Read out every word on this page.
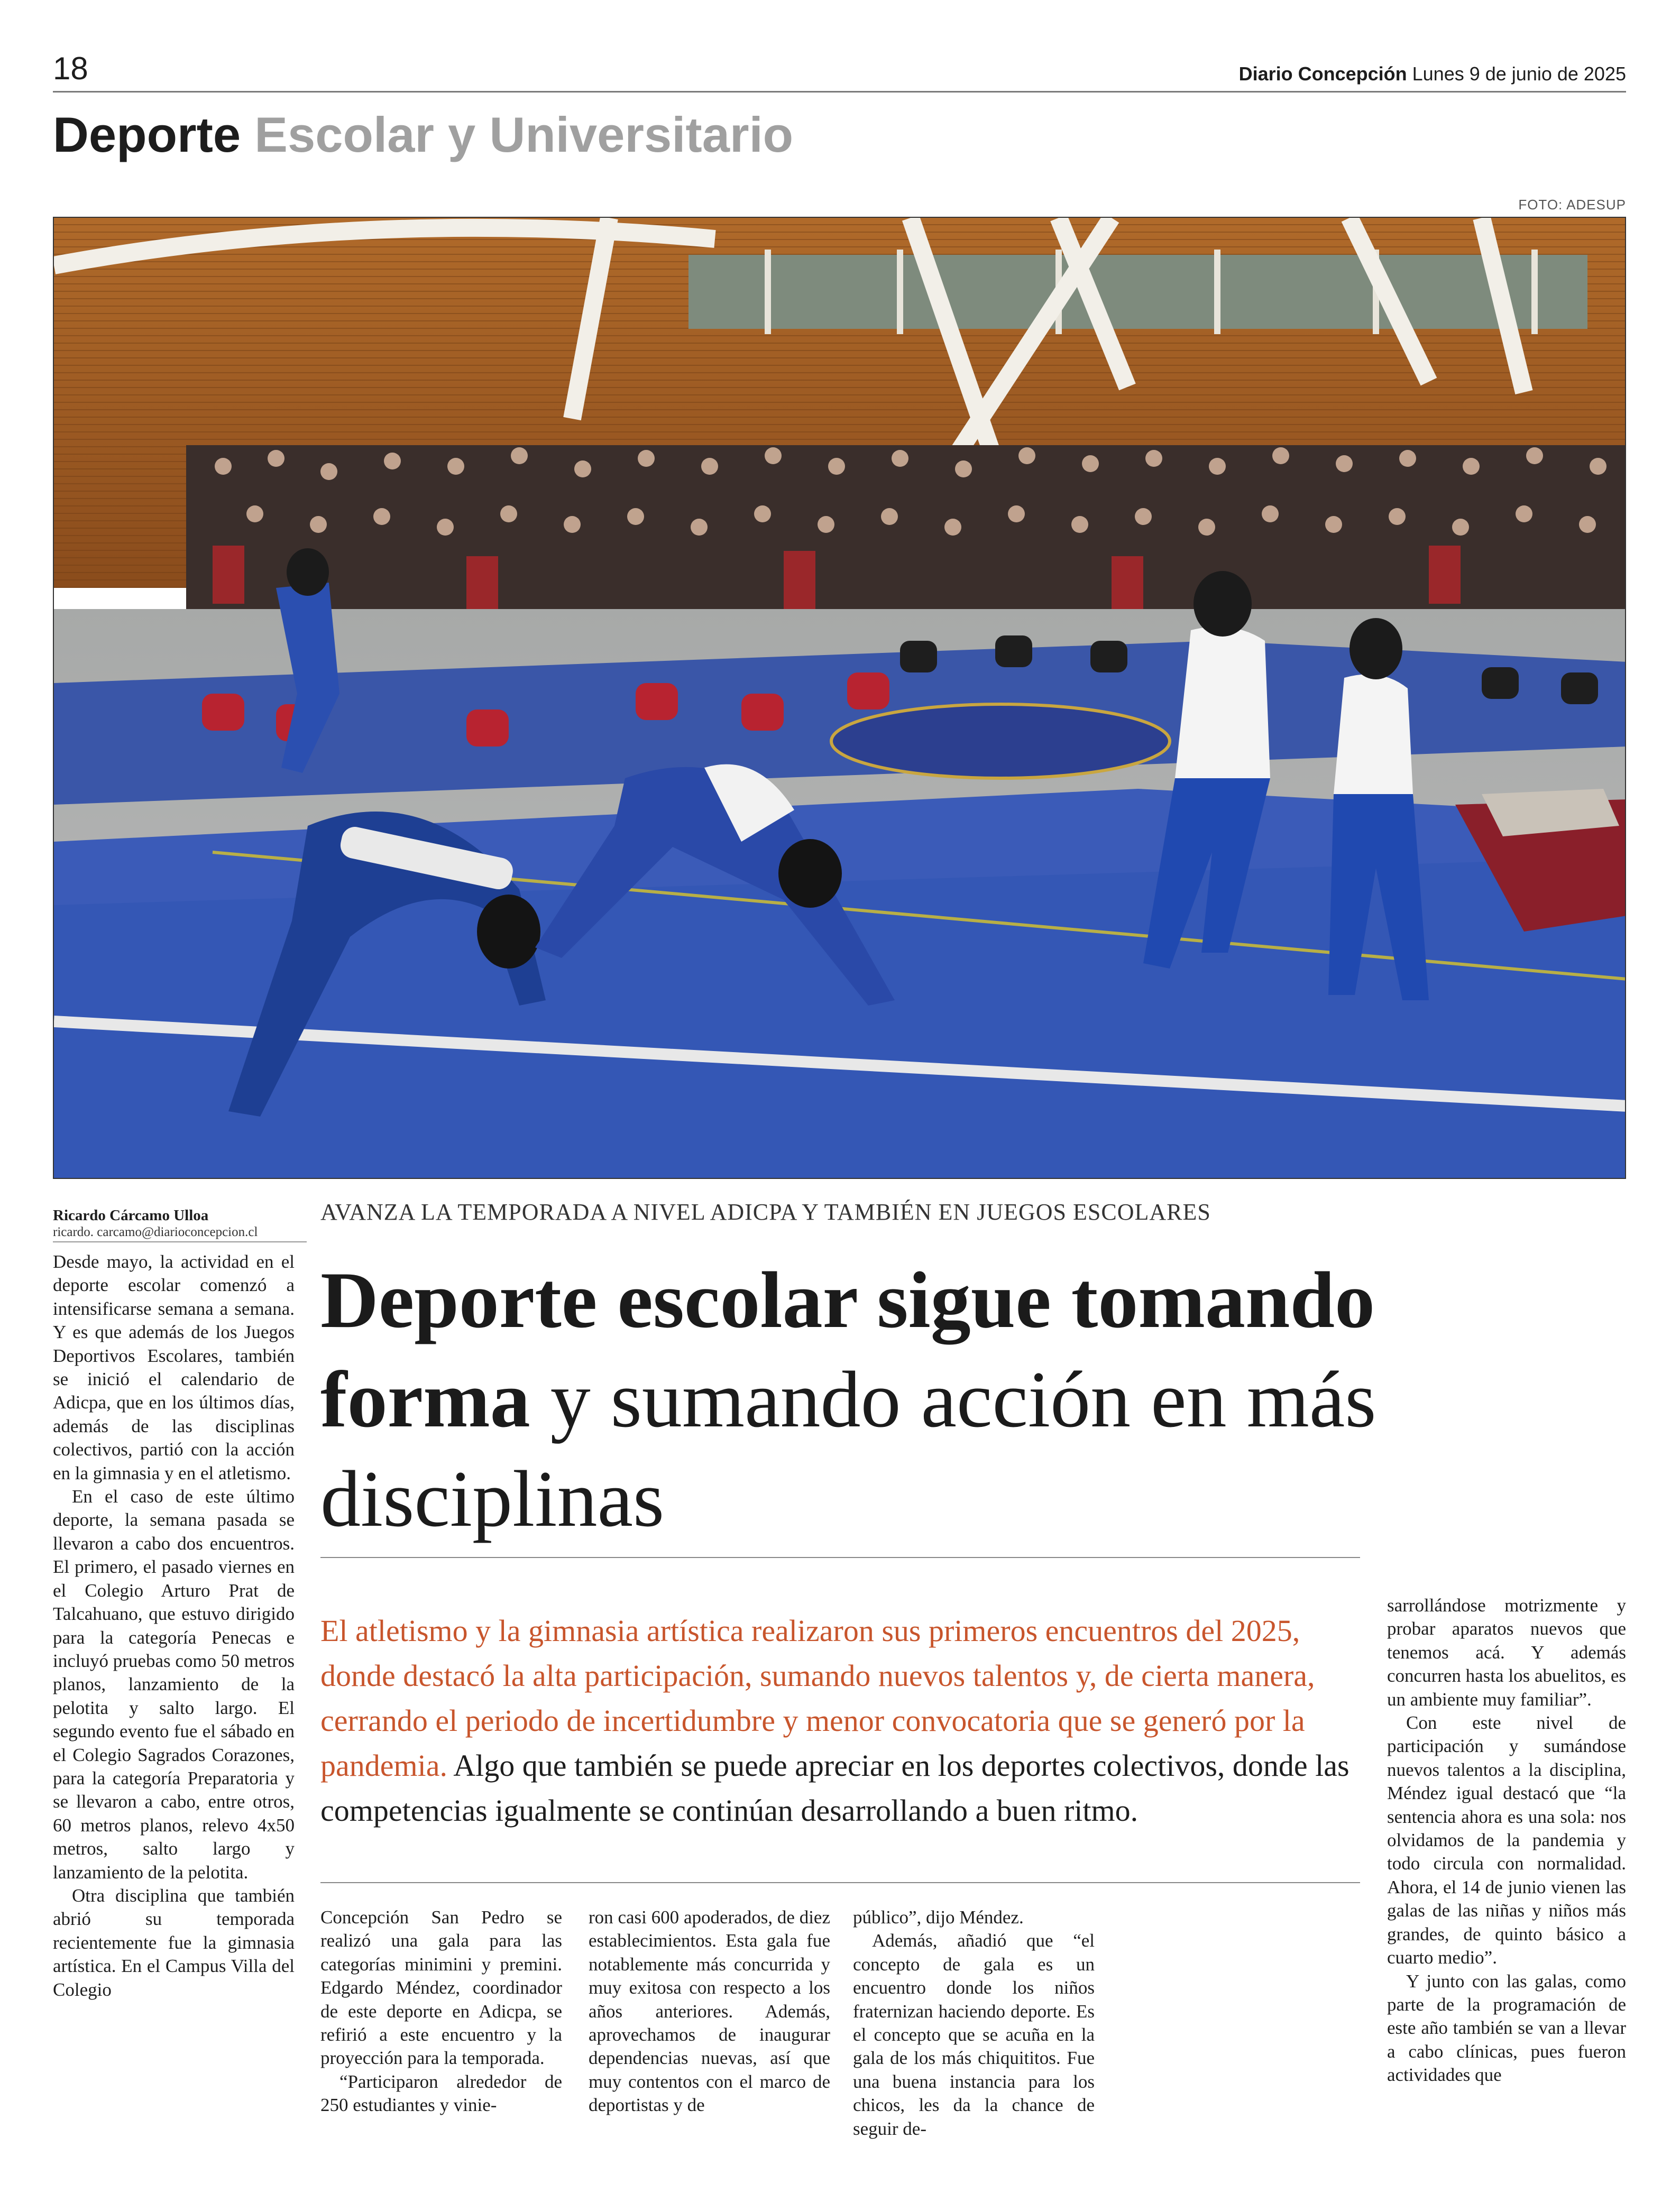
18	Diario Concepción Lunes 9 de junio de 2025
Deporte Escolar y Universitario
FOTO: ADESUP
Ricardo Cárcamo Ulloa
ricardo. carcamo@diarioconcepcion.cl

Desde mayo, la actividad en el deporte escolar comenzó a intensificarse semana a semana. Y es que además de los Juegos Deportivos Escolares, también se inició el calendario de Adicpa, que en los últimos días, además de las disciplinas colectivos, partió con la acción en la gimnasia y en el atletismo.

En el caso de este último deporte, la semana pasada se llevaron a cabo dos encuentros. El primero, el pasado viernes en el Colegio Arturo Prat de Talcahuano, que estuvo dirigido para la categoría Penecas e incluyó pruebas como 50 metros planos, lanzamiento de la pelotita y salto largo. El segundo evento fue el sábado en el Colegio Sagrados Corazones, para la categoría Preparatoria y se llevaron a cabo, entre otros, 60 metros planos, relevo 4x50 metros, salto largo y lanzamiento de la pelotita.

Otra disciplina que también abrió su temporada recientemente fue la gimnasia artística. En el Campus Villa del Colegio

AVANZA LA TEMPORADA A NIVEL ADICPA Y TAMBIÉN EN JUEGOS ESCOLARES
Deporte escolar sigue tomando forma y sumando acción en más disciplinas
El atletismo y la gimnasia artística realizaron sus primeros encuentros del 2025, donde destacó la alta participación, sumando nuevos talentos y, de cierta manera, cerrando el periodo de incertidumbre y menor convocatoria que se generó por la pandemia. Algo que también se puede apreciar en los deportes colectivos, donde las competencias igualmente se continúan desarrollando a buen ritmo.

Concepción San Pedro se realizó una gala para las categorías minimini y premini. Edgardo Méndez, coordinador de este deporte en Adicpa, se refirió a este encuentro y la proyección para la temporada.

“Participaron alrededor de 250 estudiantes y vinie-

ron casi 600 apoderados, de diez establecimientos. Esta gala fue notablemente más concurrida y muy exitosa con respecto a los años anteriores. Además, aprovechamos de inaugurar dependencias nuevas, así que muy contentos con el marco de deportistas y de

público”, dijo Méndez.

Además, añadió que “el concepto de gala es un encuentro donde los niños fraternizan haciendo deporte. Es el concepto que se acuña en la gala de los más chiquititos. Fue una buena instancia para los chicos, les da la chance de seguir de-

sarrollándose motrizmente y probar aparatos nuevos que tenemos acá. Y además concurren hasta los abuelitos, es un ambiente muy familiar”.

Con este nivel de participación y sumándose nuevos talentos a la disciplina, Méndez igual destacó que “la sentencia ahora es una sola: nos olvidamos de la pandemia y todo circula con normalidad. Ahora, el 14 de junio vienen las galas de las niñas y niños más grandes, de quinto básico a cuarto medio”.

Y junto con las galas, como parte de la programación de este año también se van a llevar a cabo clínicas, pues fueron actividades que
